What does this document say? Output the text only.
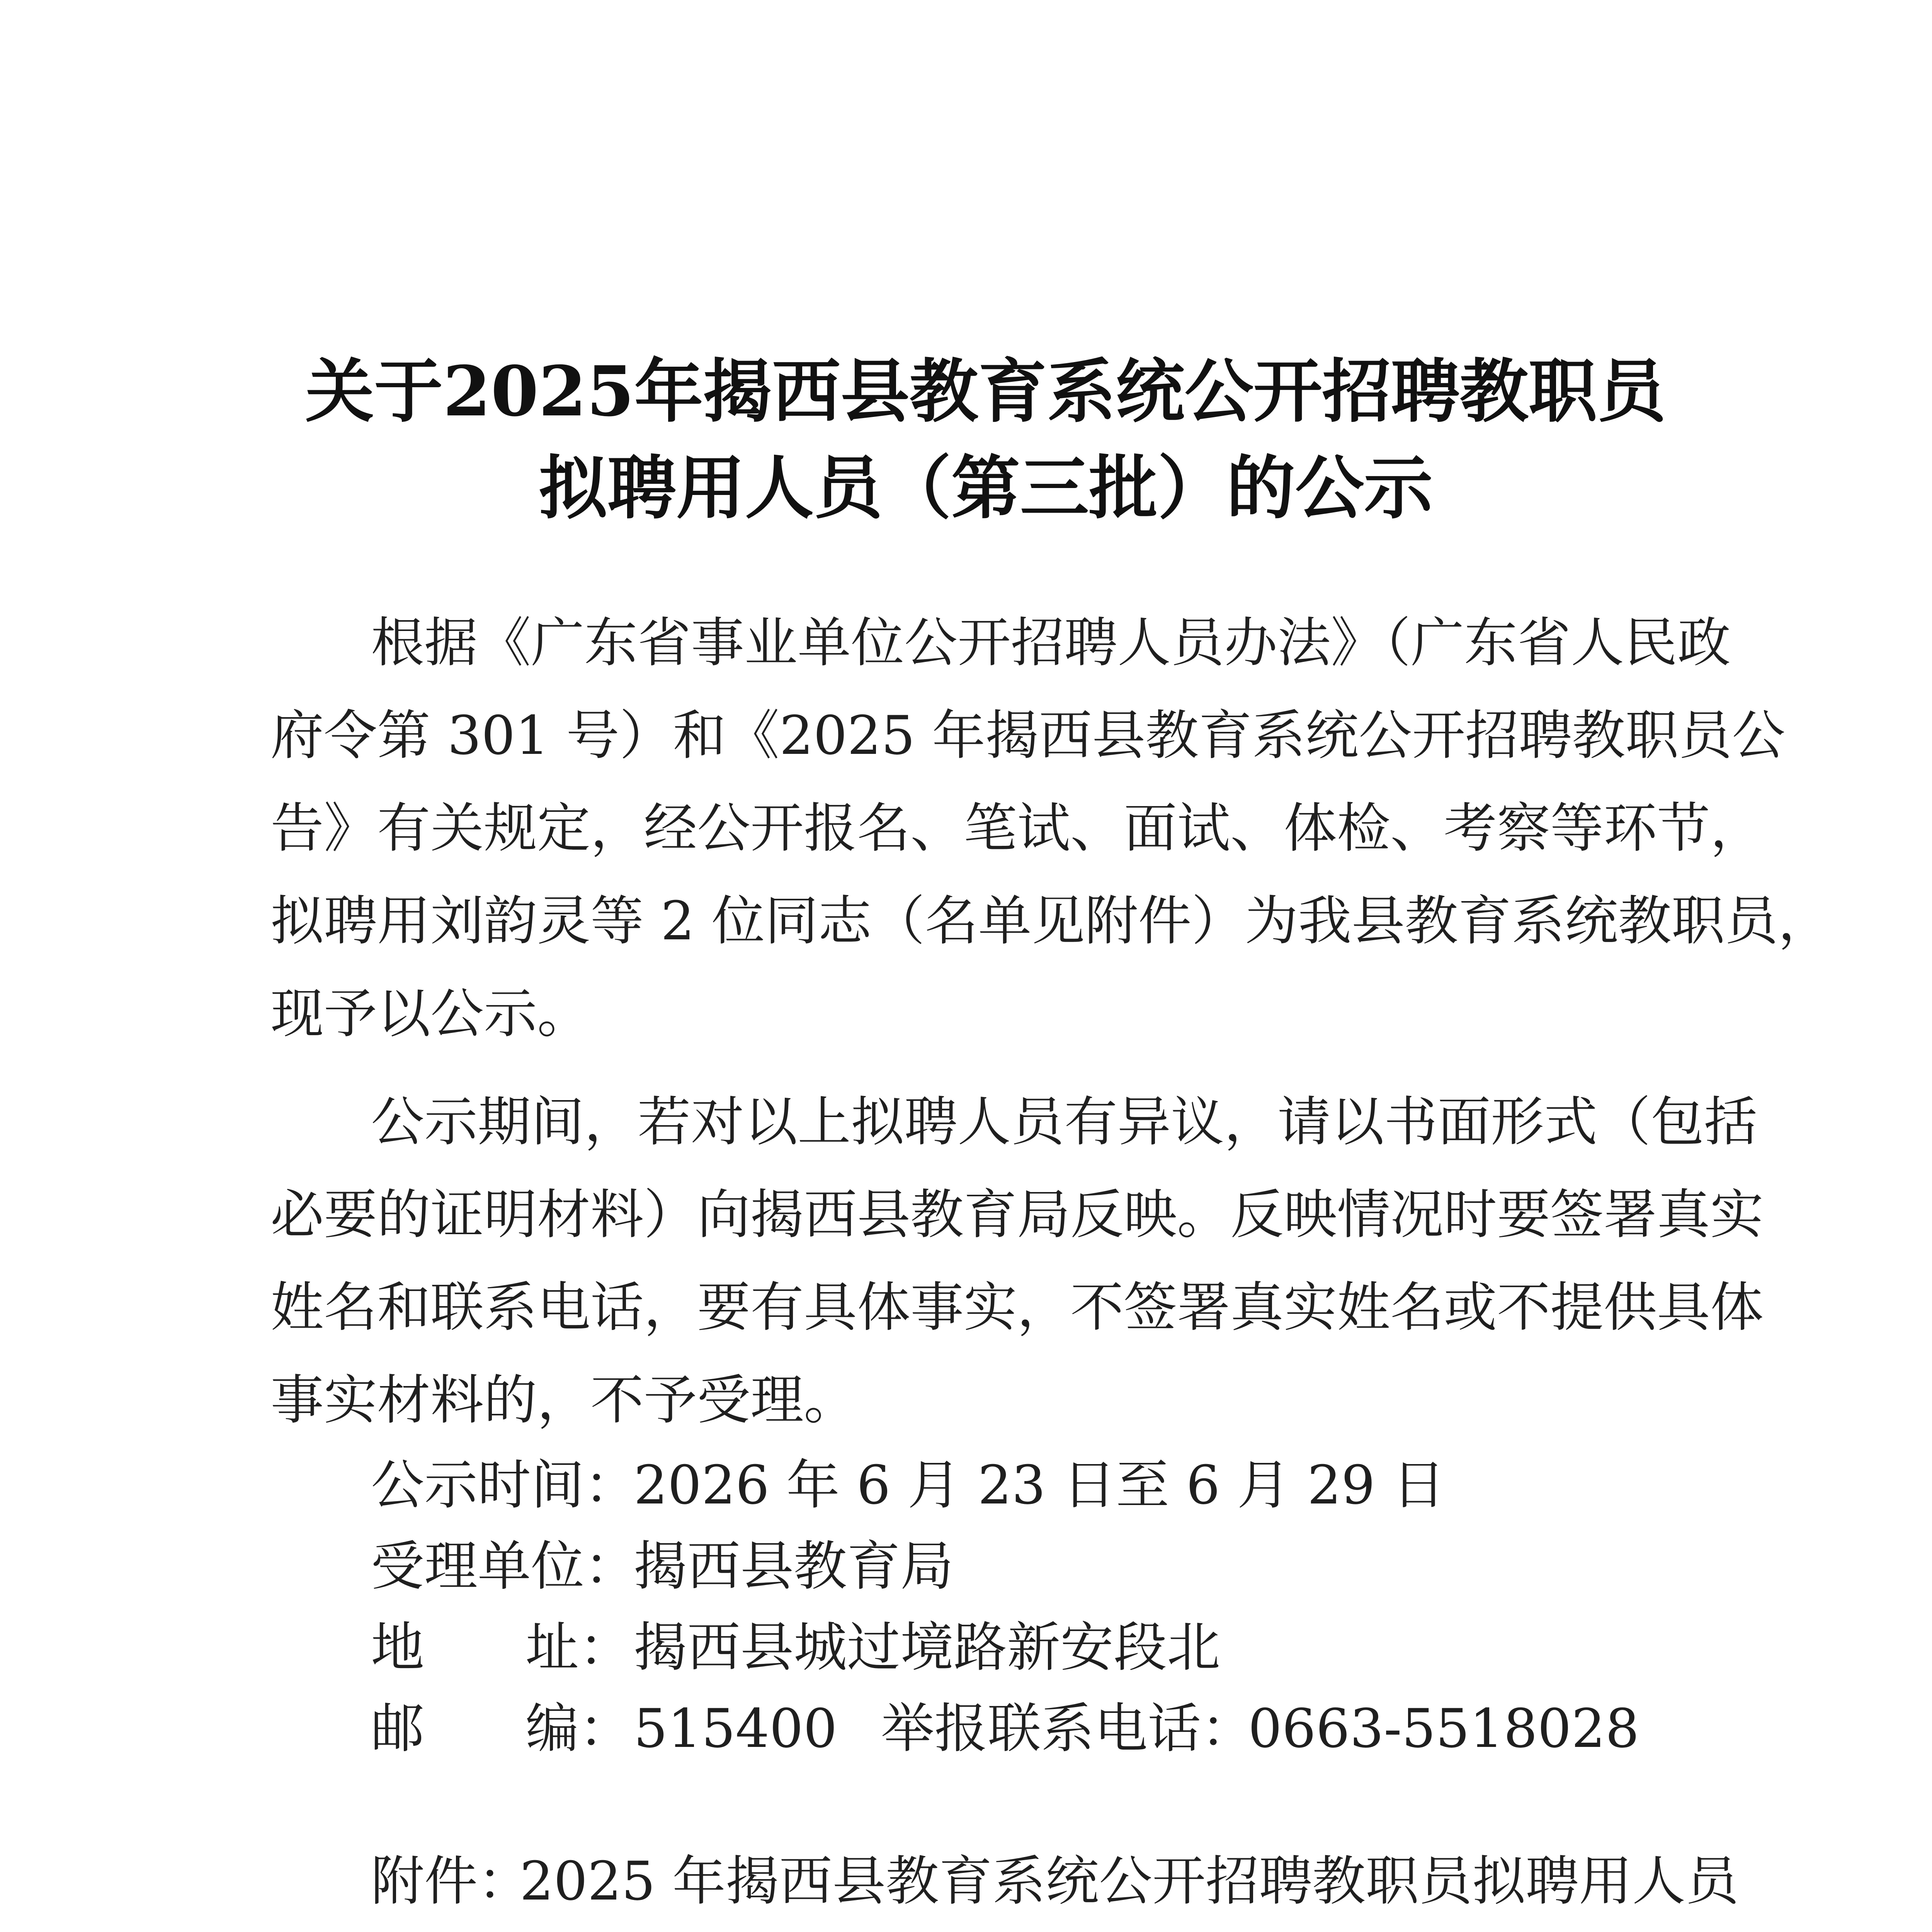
关于2025年揭西县教育系统公开招聘教职员
拟聘用人员（第三批）的公示
根据《广东省事业单位公开招聘人员办法》（广东省人民政
府令第 301 号）和《2025 年揭西县教育系统公开招聘教职员公
告》有关规定，经公开报名、笔试、面试、体检、考察等环节，
拟聘用刘韵灵等 2 位同志（名单见附件）为我县教育系统教职员，
现予以公示。
公示期间，若对以上拟聘人员有异议，请以书面形式（包括
必要的证明材料）向揭西县教育局反映。反映情况时要签署真实
姓名和联系电话，要有具体事实，不签署真实姓名或不提供具体
事实材料的，不予受理。
公示时间：
2026 年 6 月 23 日至 6 月 29 日
受理单位：
揭西县教育局
地 址： 揭西县城过境路新安段北
邮 编： 515400 举报联系电话：
0663-5518028
附件：
2025 年揭西县教育系统公开招聘教职员拟聘用人员
